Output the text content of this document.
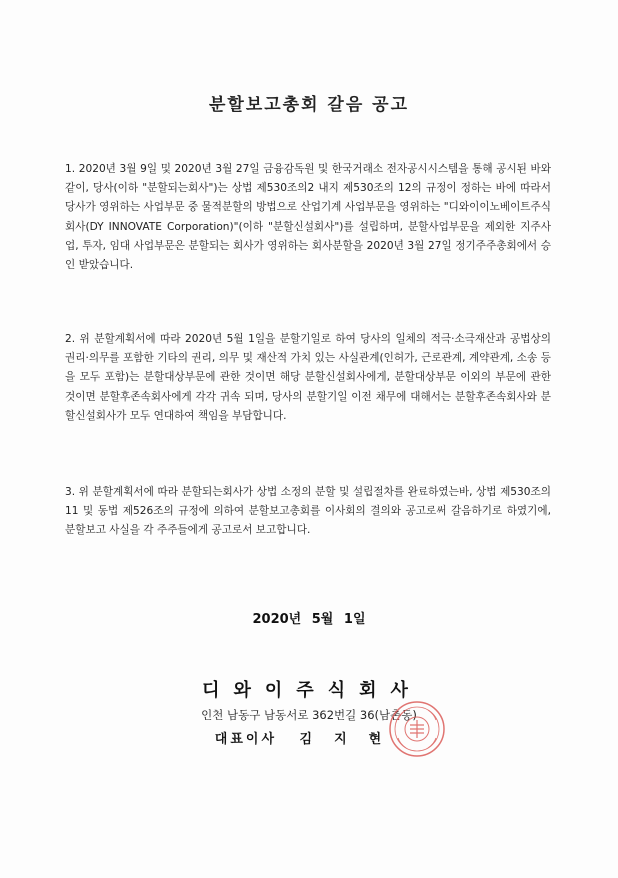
분할보고총회 갈음 공고

1. 2020년 3월 9일 및 2020년 3월 27일 금융감독원 및 한국거래소 전자공시시스템을 통해 공시된 바와 같이, 당사(이하 "분할되는회사")는 상법 제530조의2 내지 제530조의 12의 규정이 정하는 바에 따라서 당사가 영위하는 사업부문 중 물적분할의 방법으로 산업기계 사업부문을 영위하는 "디와이이노베이트주식회사(DY INNOVATE Corporation)"(이하 "분할신설회사")를 설립하며, 분할사업부문을 제외한 지주사업, 투자, 임대 사업부문은 분할되는 회사가 영위하는 회사분할을 2020년 3월 27일 정기주주총회에서 승인 받았습니다.

2. 위 분할계획서에 따라 2020년 5월 1일을 분할기일로 하여 당사의 일체의 적극·소극재산과 공법상의 권리·의무를 포함한 기타의 권리, 의무 및 재산적 가치 있는 사실관계(인허가, 근로관계, 계약관계, 소송 등을 모두 포함)는 분할대상부문에 관한 것이면 해당 분할신설회사에게, 분할대상부문 이외의 부문에 관한 것이면 분할후존속회사에게 각각 귀속 되며, 당사의 분할기일 이전 채무에 대해서는 분할후존속회사와 분할신설회사가 모두 연대하여 책임을 부담합니다.

3. 위 분할계획서에 따라 분할되는회사가 상법 소정의 분할 및 설립절차를 완료하였는바, 상법 제530조의11 및 동법 제526조의 규정에 의하여 분할보고총회를 이사회의 결의와 공고로써 갈음하기로 하였기에, 분할보고 사실을 각 주주들에게 공고로서 보고합니다.

2020년 5월 1일
디와이주식회사
인천 남동구 남동서로 362번길 36(남촌동)
대표이사 김지현
